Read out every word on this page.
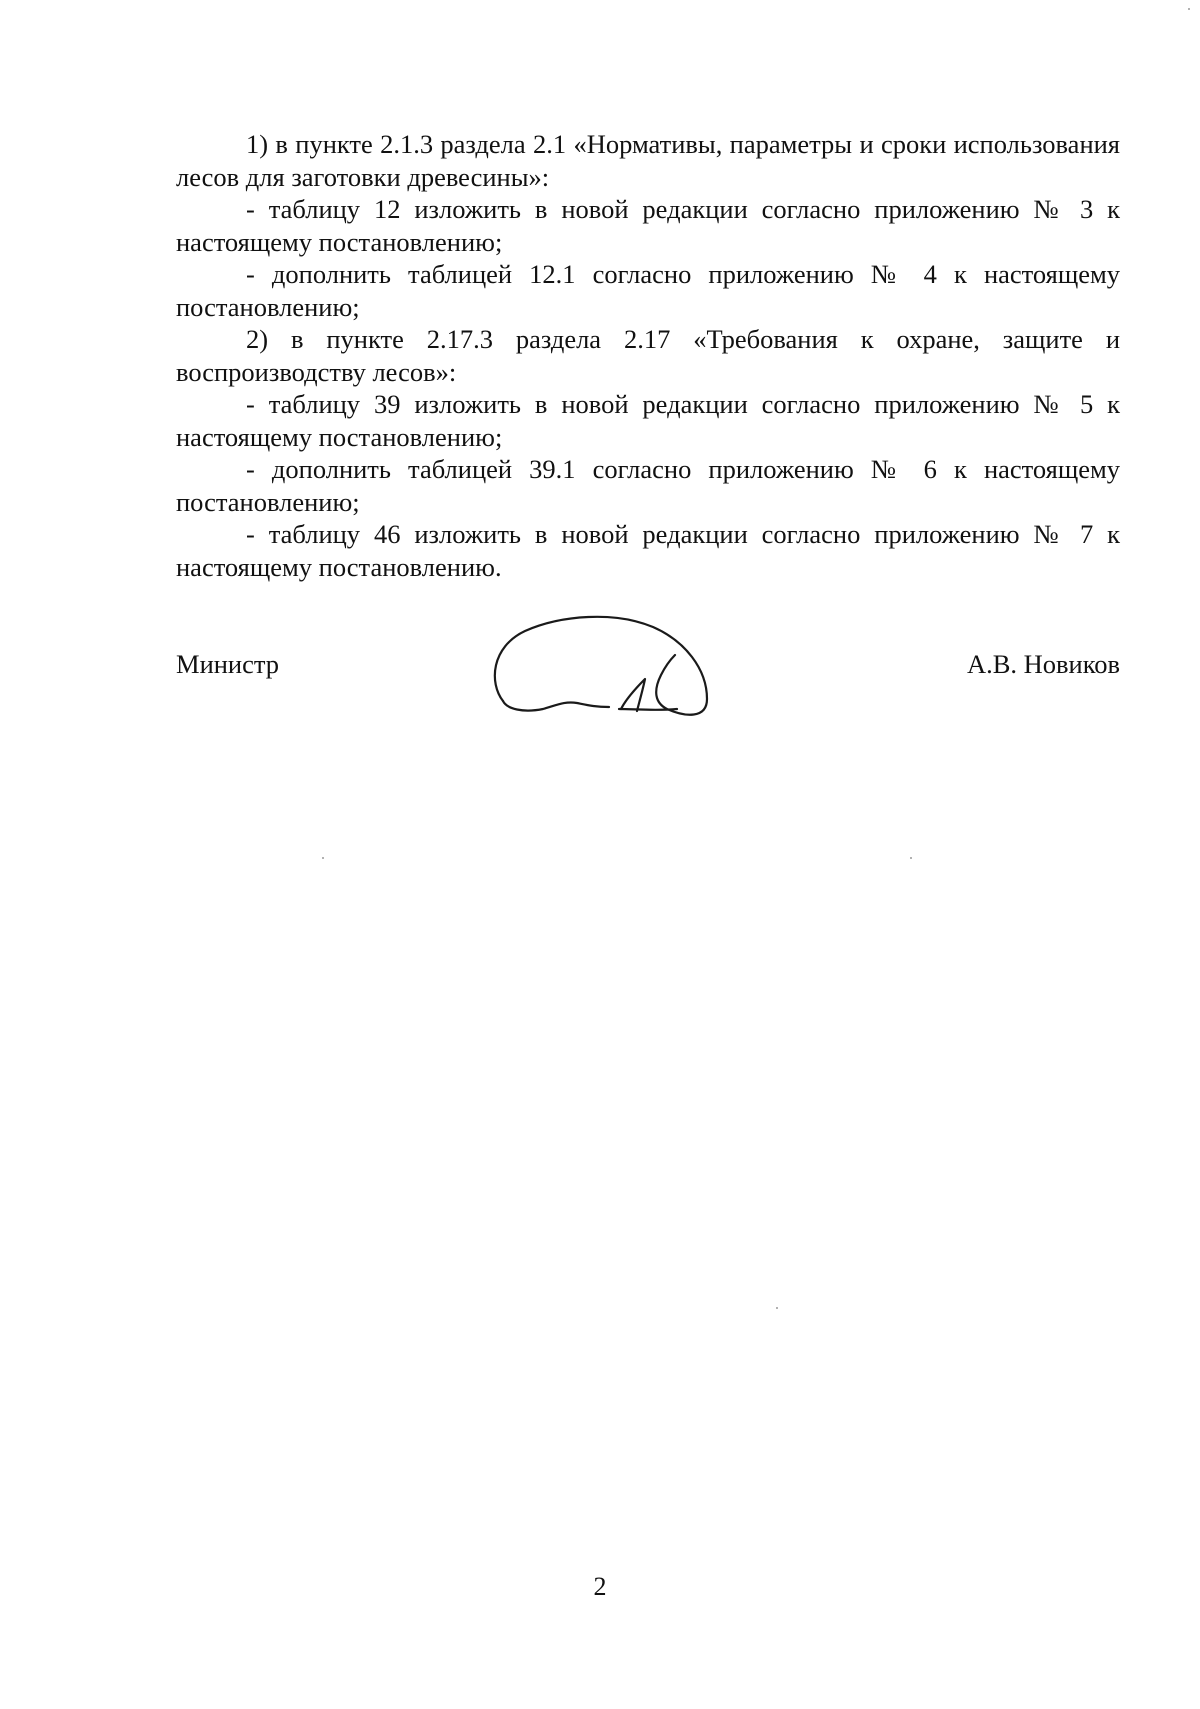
1) в пункте 2.1.3 раздела 2.1 «Нормативы, параметры и сроки использования лесов для заготовки древесины»:

- таблицу 12 изложить в новой редакции согласно приложению № 3 к настоящему постановлению;

- дополнить таблицей 12.1 согласно приложению № 4 к настоящему постановлению;

2) в пункте 2.17.3 раздела 2.17 «Требования к охране, защите и воспроизводству лесов»:

- таблицу 39 изложить в новой редакции согласно приложению № 5 к настоящему постановлению;

- дополнить таблицей 39.1 согласно приложению № 6 к настоящему постановлению;

- таблицу 46 изложить в новой редакции согласно приложению № 7 к настоящему постановлению.

Министр	А.В. Новиков
2
